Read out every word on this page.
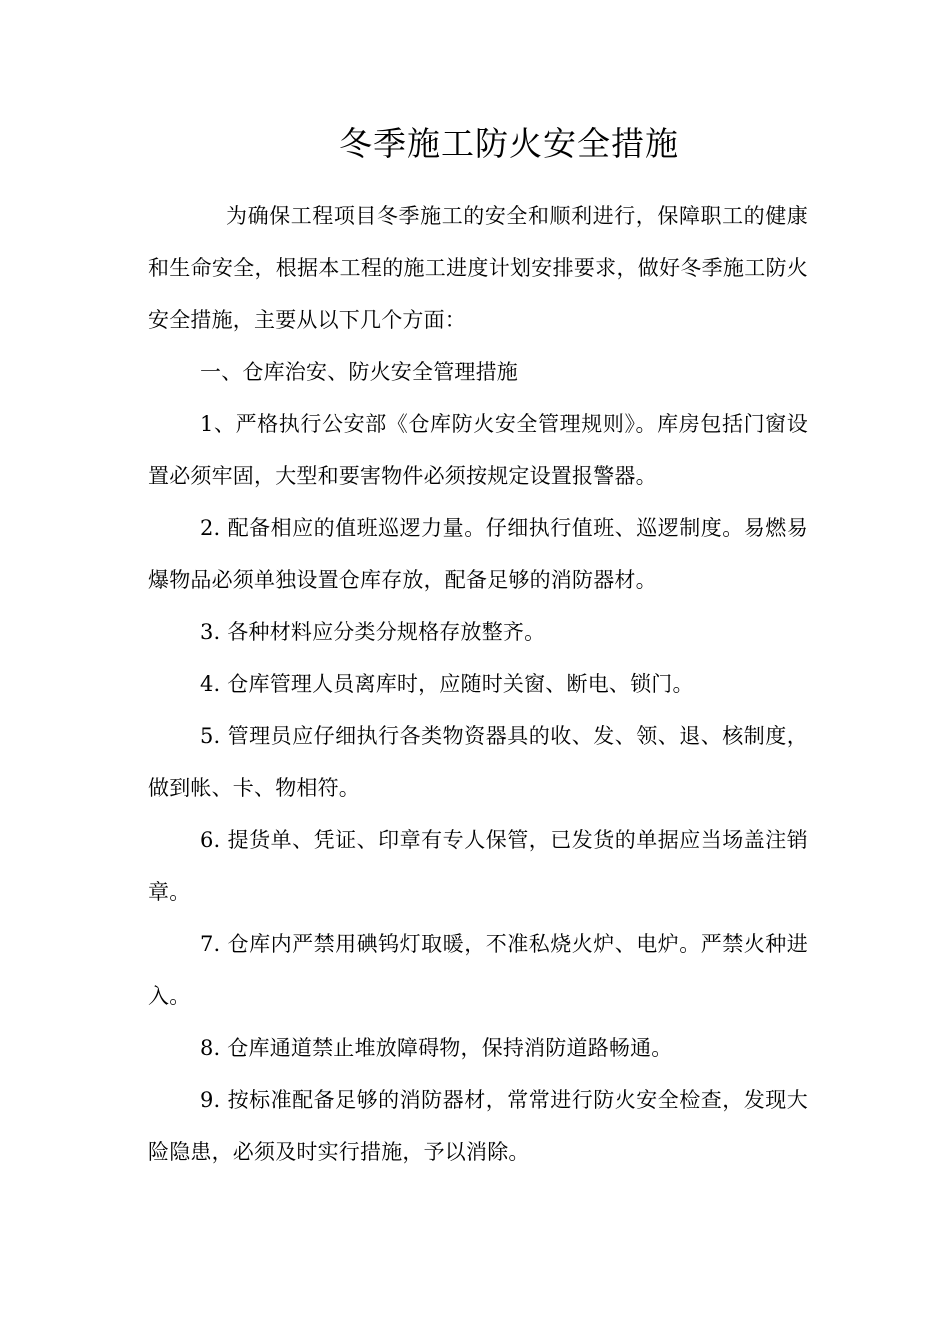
冬季施工防火安全措施

为确保工程项目冬季施工的安全和顺利进行，保障职工的健康和生命安全，根据本工程的施工进度计划安排要求，做好冬季施工防火安全措施，主要从以下几个方面：

一、仓库治安、防火安全管理措施

1、严格执行公安部《仓库防火安全管理规则》。库房包括门窗设置必须牢固，大型和要害物件必须按规定设置报警器。

2. 配备相应的值班巡逻力量。仔细执行值班、巡逻制度。易燃易爆物品必须单独设置仓库存放，配备足够的消防器材。

3. 各种材料应分类分规格存放整齐。

4. 仓库管理人员离库时，应随时关窗、断电、锁门。

5. 管理员应仔细执行各类物资器具的收、发、领、退、核制度，做到帐、卡、物相符。

6. 提货单、凭证、印章有专人保管，已发货的单据应当场盖注销章。

7. 仓库内严禁用碘钨灯取暖，不准私烧火炉、电炉。严禁火种进入。

8. 仓库通道禁止堆放障碍物，保持消防道路畅通。

9. 按标准配备足够的消防器材，常常进行防火安全检查，发现大险隐患，必须及时实行措施，予以消除。
